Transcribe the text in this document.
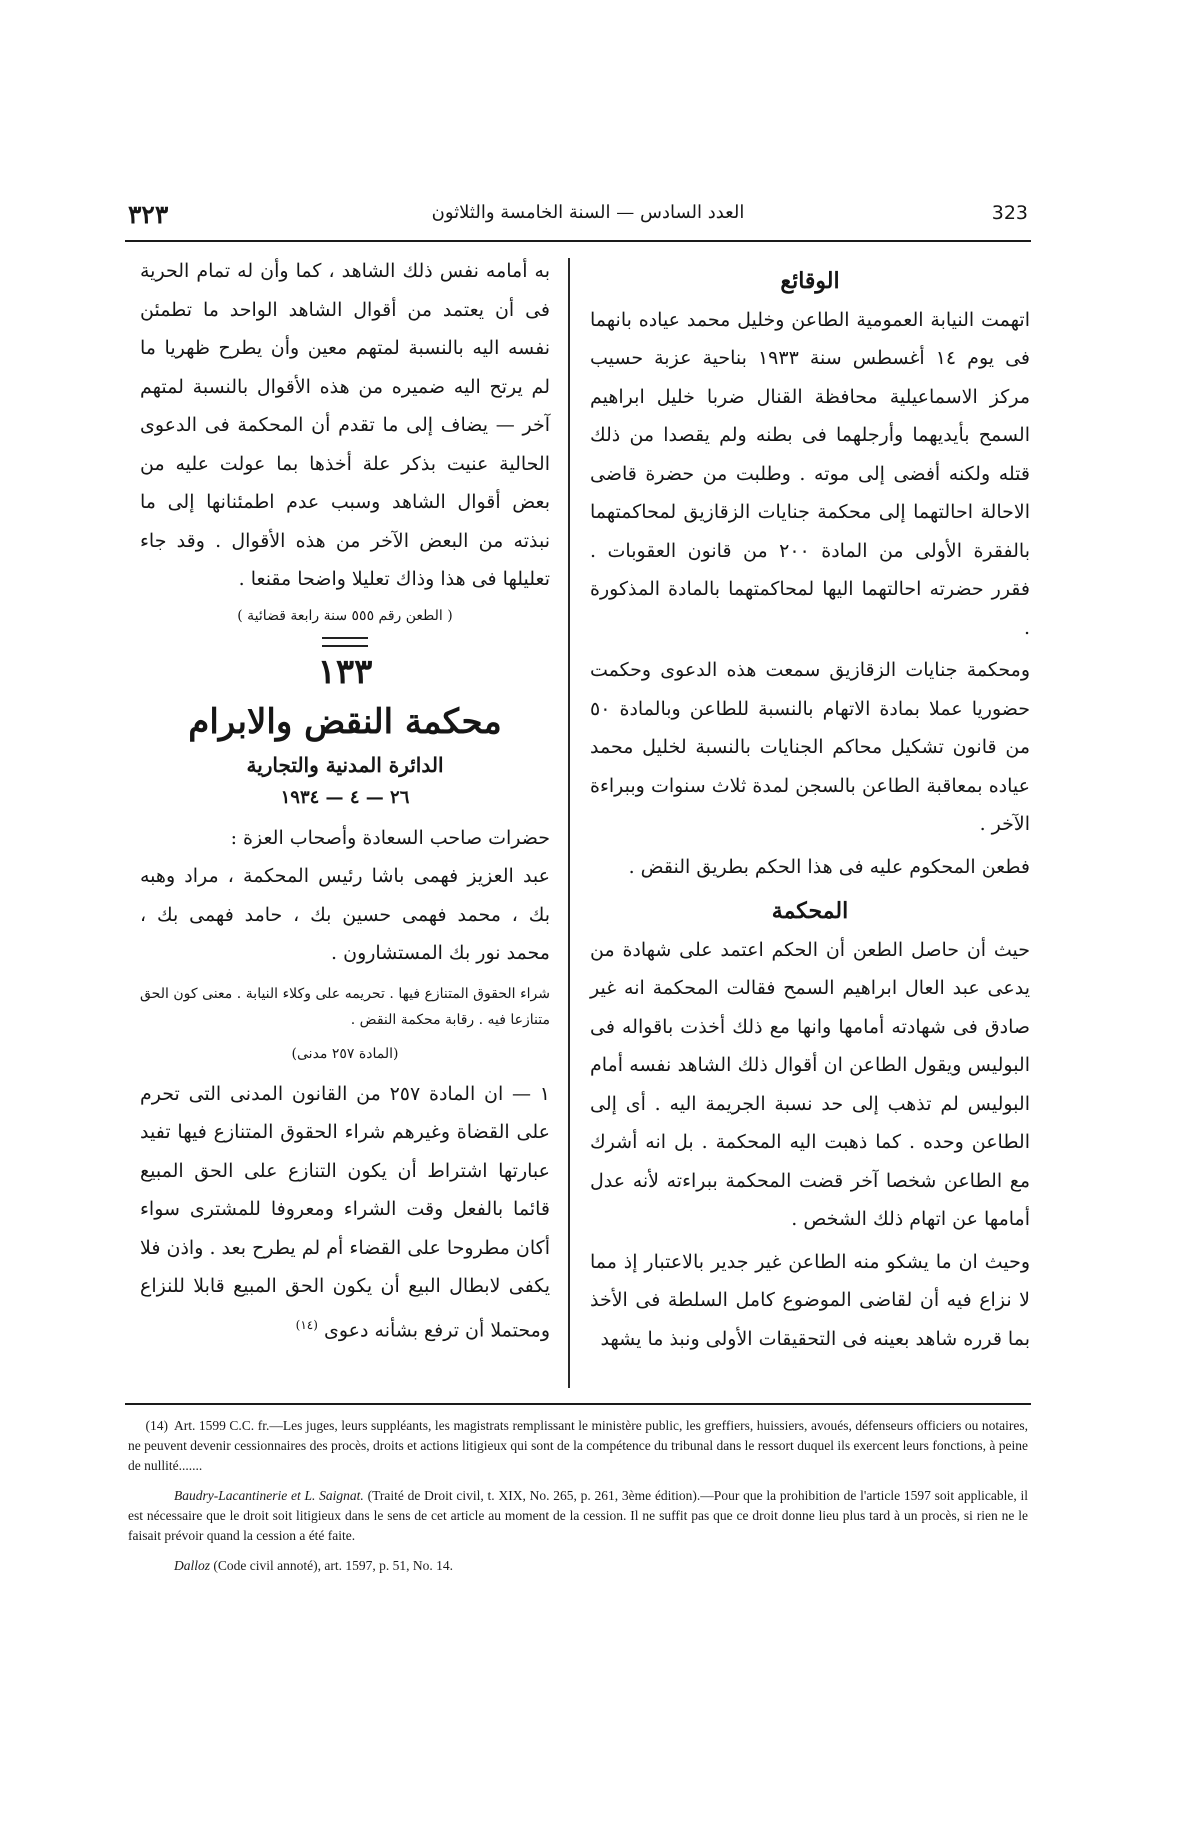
٣٢٣	العدد السادس — السنة الخامسة والثلاثون	323

الوقائع

اتهمت النيابة العمومية الطاعن وخليل محمد عياده بانهما فى يوم ١٤ أغسطس سنة ١٩٣٣ بناحية عزبة حسيب مركز الاسماعيلية محافظة القنال ضربا خليل ابراهيم السمح بأيديهما وأرجلهما فى بطنه ولم يقصدا من ذلك قتله ولكنه أفضى إلى موته . وطلبت من حضرة قاضى الاحالة احالتهما إلى محكمة جنايات الزقازيق لمحاكمتهما بالفقرة الأولى من المادة ٢٠٠ من قانون العقوبات . فقرر حضرته احالتهما اليها لمحاكمتهما بالمادة المذكورة .

ومحكمة جنايات الزقازيق سمعت هذه الدعوى وحكمت حضوريا عملا بمادة الاتهام بالنسبة للطاعن وبالمادة ٥٠ من قانون تشكيل محاكم الجنايات بالنسبة لخليل محمد عياده بمعاقبة الطاعن بالسجن لمدة ثلاث سنوات وببراءة الآخر .

فطعن المحكوم عليه فى هذا الحكم بطريق النقض .

المحكمة

حيث أن حاصل الطعن أن الحكم اعتمد على شهادة من يدعى عبد العال ابراهيم السمح فقالت المحكمة انه غير صادق فى شهادته أمامها وانها مع ذلك أخذت باقواله فى البوليس ويقول الطاعن ان أقوال ذلك الشاهد نفسه أمام البوليس لم تذهب إلى حد نسبة الجريمة اليه . أى إلى الطاعن وحده . كما ذهبت اليه المحكمة . بل انه أشرك مع الطاعن شخصا آخر قضت المحكمة ببراءته لأنه عدل أمامها عن اتهام ذلك الشخص .

وحيث ان ما يشكو منه الطاعن غير جدير بالاعتبار إذ مما لا نزاع فيه أن لقاضى الموضوع كامل السلطة فى الأخذ بما قرره شاهد بعينه فى التحقيقات الأولى ونبذ ما يشهد

به أمامه نفس ذلك الشاهد ، كما وأن له تمام الحرية فى أن يعتمد من أقوال الشاهد الواحد ما تطمئن نفسه اليه بالنسبة لمتهم معين وأن يطرح ظهريا ما لم يرتح اليه ضميره من هذه الأقوال بالنسبة لمتهم آخر — يضاف إلى ما تقدم أن المحكمة فى الدعوى الحالية عنيت بذكر علة أخذها بما عولت عليه من بعض أقوال الشاهد وسبب عدم اطمئنانها إلى ما نبذته من البعض الآخر من هذه الأقوال . وقد جاء تعليلها فى هذا وذاك تعليلا واضحا مقنعا .

( الطعن رقم ٥٥٥ سنة رابعة قضائية )

١٣٣

محكمة النقض والابرام

الدائرة المدنية والتجارية

٢٦ — ٤ — ١٩٣٤

حضرات صاحب السعادة وأصحاب العزة :

عبد العزيز فهمى باشا رئيس المحكمة ، مراد وهبه بك ، محمد فهمى حسين بك ، حامد فهمى بك ، محمد نور بك المستشارون .

شراء الحقوق المتنازع فيها . تحريمه على وكلاء النيابة . معنى كون الحق متنازعا فيه . رقابة محكمة النقض .

(المادة ٢٥٧ مدنى)

١ — ان المادة ٢٥٧ من القانون المدنى التى تحرم على القضاة وغيرهم شراء الحقوق المتنازع فيها تفيد عبارتها اشتراط أن يكون التنازع على الحق المبيع قائما بالفعل وقت الشراء ومعروفا للمشترى سواء أكان مطروحا على القضاء أم لم يطرح بعد . واذن فلا يكفى لابطال البيع أن يكون الحق المبيع قابلا للنزاع ومحتملا أن ترفع بشأنه دعوى $^{(١٤)}$

(14) Art. 1599 C.C. fr.—Les juges, leurs suppléants, les magistrats remplissant le ministère public, les greffiers, huissiers, avoués, défenseurs officiers ou notaires, ne peuvent devenir cessionnaires des procès, droits et actions litigieux qui sont de la compétence du tribunal dans le ressort duquel ils exercent leurs fonctions, à peine de nullité.......

Baudry-Lacantinerie et L. Saignat. (Traité de Droit civil, t. XIX, No. 265, p. 261, 3ème édition).—Pour que la prohibition de l'article 1597 soit applicable, il est nécessaire que le droit soit litigieux dans le sens de cet article au moment de la cession. Il ne suffit pas que ce droit donne lieu plus tard à un procès, si rien ne le faisait prévoir quand la cession a été faite.

Dalloz (Code civil annoté), art. 1597, p. 51, No. 14.
